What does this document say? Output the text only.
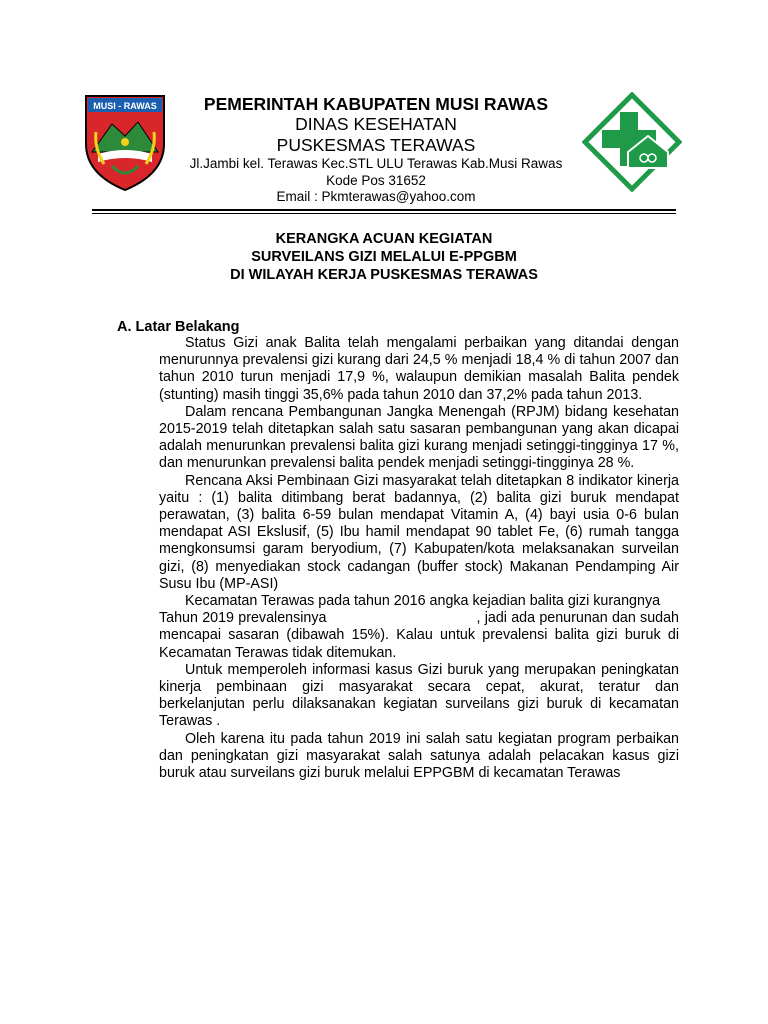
MUSI - RAWAS	PEMERINTAH KABUPATEN MUSI RAWAS
DINAS KESEHATAN
PUSKESMAS TERAWAS
Jl.Jambi kel. Terawas Kec.STL ULU Terawas Kab.Musi Rawas
Kode Pos 31652
Email : Pkmterawas@yahoo.com
KERANGKA ACUAN KEGIATAN
SURVEILANS GIZI MELALUI E-PPGBM
DI WILAYAH KERJA PUSKESMAS TERAWAS
A. Latar Belakang

Status Gizi anak Balita telah mengalami perbaikan yang ditandai dengan menurunnya prevalensi gizi kurang dari 24,5 % menjadi 18,4 % di tahun 2007 dan tahun 2010 turun menjadi 17,9 %, walaupun demikian masalah Balita pendek (stunting) masih tinggi 35,6% pada tahun 2010 dan 37,2% pada tahun 2013.

Dalam rencana Pembangunan Jangka Menengah (RPJM) bidang kesehatan 2015-2019 telah ditetapkan salah satu sasaran pembangunan yang akan dicapai adalah menurunkan prevalensi balita gizi kurang menjadi setinggi-tingginya 17 %, dan menurunkan prevalensi balita pendek menjadi setinggi-tingginya 28 %.

Rencana Aksi Pembinaan Gizi masyarakat telah ditetapkan 8 indikator kinerja yaitu : (1) balita ditimbang berat badannya, (2) balita gizi buruk mendapat perawatan, (3) balita 6-59 bulan mendapat Vitamin A, (4) bayi usia 0-6 bulan mendapat ASI Ekslusif, (5) Ibu hamil mendapat 90 tablet Fe, (6) rumah tangga mengkonsumsi garam beryodium, (7) Kabupaten/kota melaksanakan surveilan gizi, (8) menyediakan stock cadangan (buffer stock) Makanan Pendamping Air Susu Ibu (MP-ASI)

Kecamatan Terawas pada tahun 2016 angka kejadian balita gizi kurangnya

Tahun 2019 prevalensinya	, jadi ada penurunan dan sudah mencapai sasaran (dibawah 15%). Kalau untuk prevalensi balita gizi buruk di Kecamatan Terawas tidak ditemukan.

Untuk memperoleh informasi kasus Gizi buruk yang merupakan peningkatan kinerja pembinaan gizi masyarakat secara cepat, akurat, teratur dan berkelanjutan perlu dilaksanakan kegiatan surveilans gizi buruk di kecamatan Terawas .

Oleh karena itu pada tahun 2019 ini salah satu kegiatan program perbaikan dan peningkatan gizi masyarakat salah satunya adalah pelacakan kasus gizi buruk atau surveilans gizi buruk melalui EPPGBM di kecamatan Terawas
